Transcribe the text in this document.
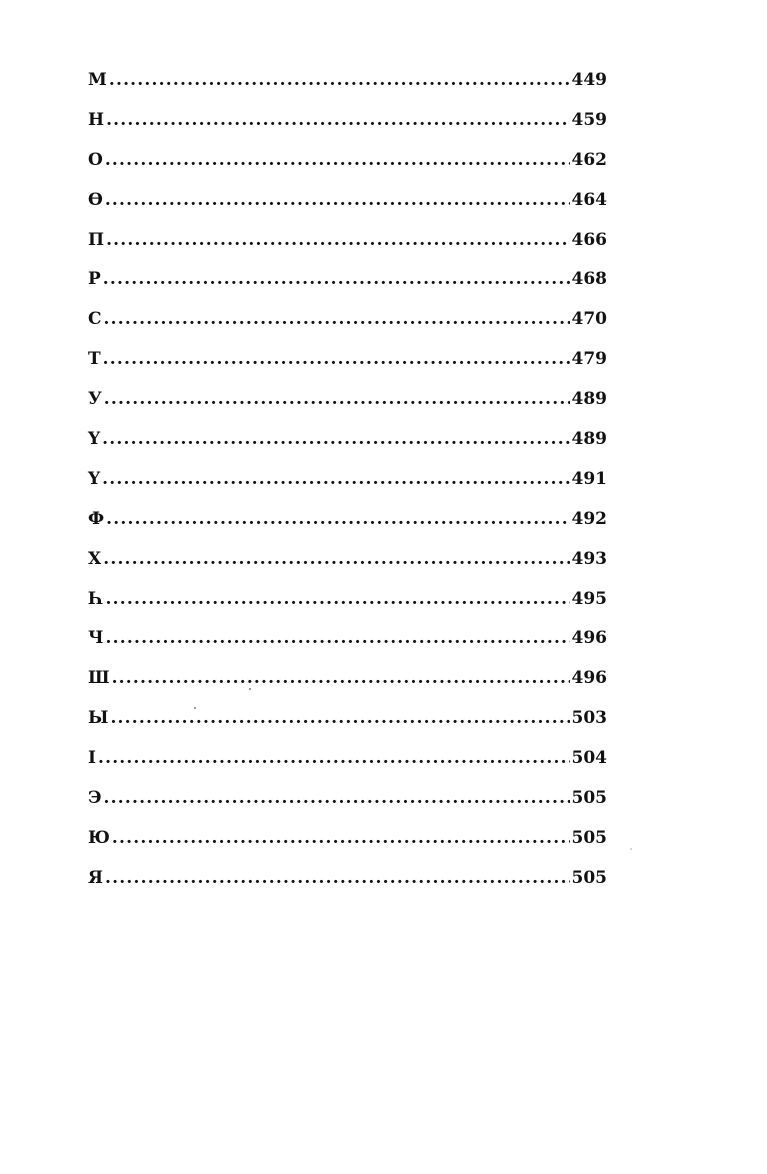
М .....	449
Н .....	459
О .....	462
Ө .....	464
П .....	466
Р .....	468
С .....	470
Т .....	479
У .....	489
Ү .....	489
Y .....	491
Ф .....	492
Х .....	493
Һ .....	495
Ч .....	496
Ш .....	496
Ы .....	503
І .....	504
Э .....	505
Ю .....	505
Я .....	505
